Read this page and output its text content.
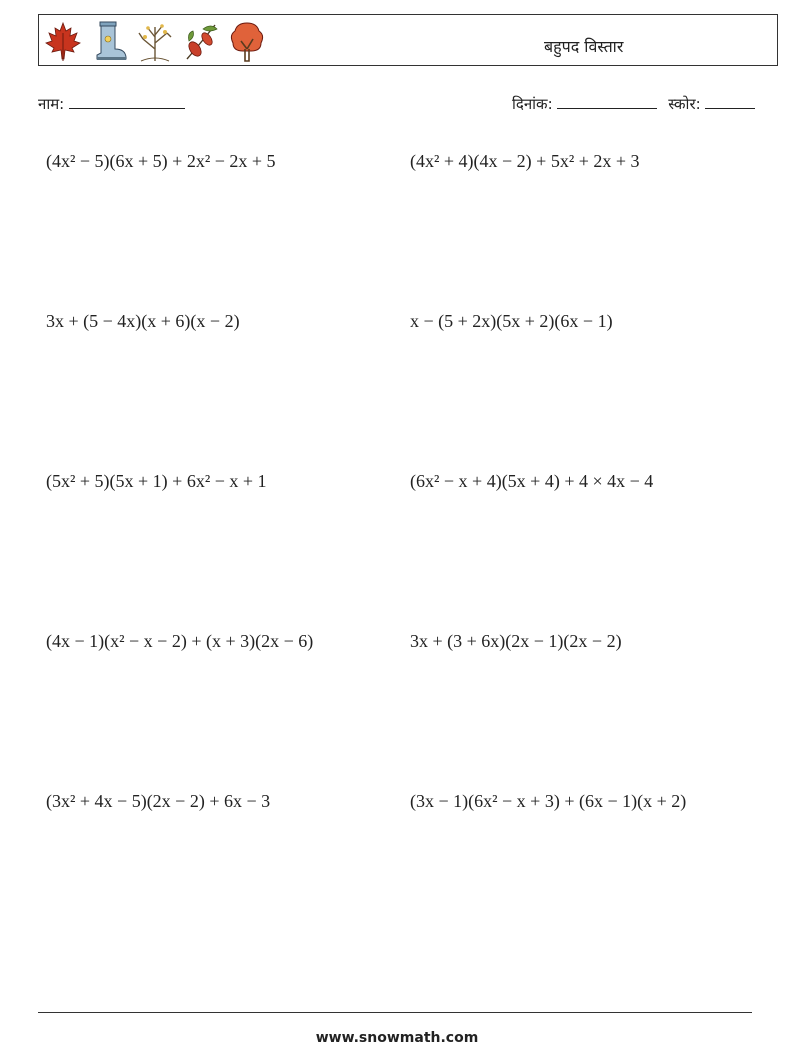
बहुपद विस्तार
नाम:	दिनांक:	स्कोर:
(4x² − 5)(6x + 5) + 2x² − 2x + 5	(4x² + 4)(4x − 2) + 5x² + 2x + 3
3x + (5 − 4x)(x + 6)(x − 2)	x − (5 + 2x)(5x + 2)(6x − 1)
(5x² + 5)(5x + 1) + 6x² − x + 1	(6x² − x + 4)(5x + 4) + 4 × 4x − 4
(4x − 1)(x² − x − 2) + (x + 3)(2x − 6)	3x + (3 + 6x)(2x − 1)(2x − 2)
(3x² + 4x − 5)(2x − 2) + 6x − 3	(3x − 1)(6x² − x + 3) + (6x − 1)(x + 2)
www.snowmath.com
